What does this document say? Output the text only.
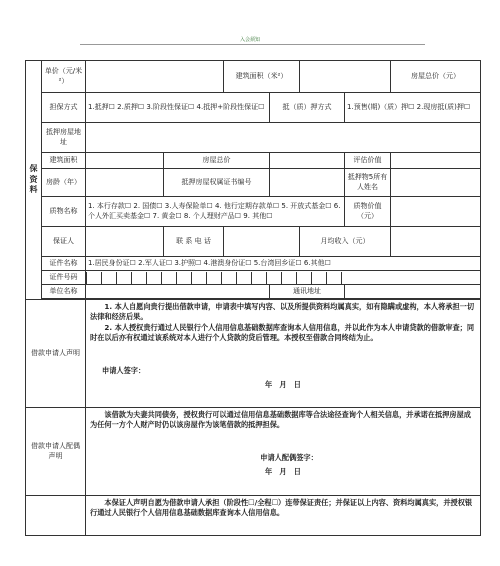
入会须知
保资料	单价（元/米²）			建筑面积（米²）				房屋总价（元）
	担保方式	1.抵押☐ 2.质押☐ 3.阶段性保证☐ 4.抵押+阶段性保证☐			抵（质）押方式		1.预售(期)（质）押☐ 2.现房抵(质)押☐	
	抵押房屋地址							
	建筑面积		房屋总价				评估价值	
	房龄（年）		抵押房屋权属证书编号				抵押物5所有人姓名	
	质物名称	1. 本行存款☐ 2. 国债☐ 3.人寿保险单☐ 4. 他行定期存款单☐ 5. 开放式基金☐ 6. 个人外汇买卖基金☐ 7. 黄金☐ 8. 个人理财产品☐ 9. 其他☐					质物价值（元）	
	保证人		联 系 电 话			月均收入（元）		
	证件名称	1.居民身份证☐ 2.军人证☐ 3.护照☐ 4.港澳身份证☐ 5.台湾回乡证☐ 6.其他☐						
	证件号码							
	单位名称				通讯地址			

借款申请人声明		1. 本人自愿向贵行提出借款申请，申请表中填写内容、以及所提供资料均属真实，如有隐瞒或虚构，本人将承担一切法律和经济后果。

2. 本人授权贵行通过人民银行个人信用信息基础数据库查询本人信用信息，并以此作为本人申请贷款的借款审查；同时在以后亦有权通过该系统对本人进行个人贷款的贷后管理。本授权至借款合同终结为止。

申请人签字：
年　月　日						

借款申请人配偶声明		该借款为夫妻共同债务，授权贵行可以通过信用信息基础数据库等合法途径查询个人相关信息，并承诺在抵押房屋成为任何一方个人财产时仍以该房屋作为该笔借款的抵押担保。

申请人配偶签字：
年　月　日						

		本保证人声明自愿为借款申请人承担（阶段性☐/全程☐）连带保证责任；并保证以上内容、资料均属真实，并授权银行通过人民银行个人信用信息基础数据库查询本人信用信息。						
